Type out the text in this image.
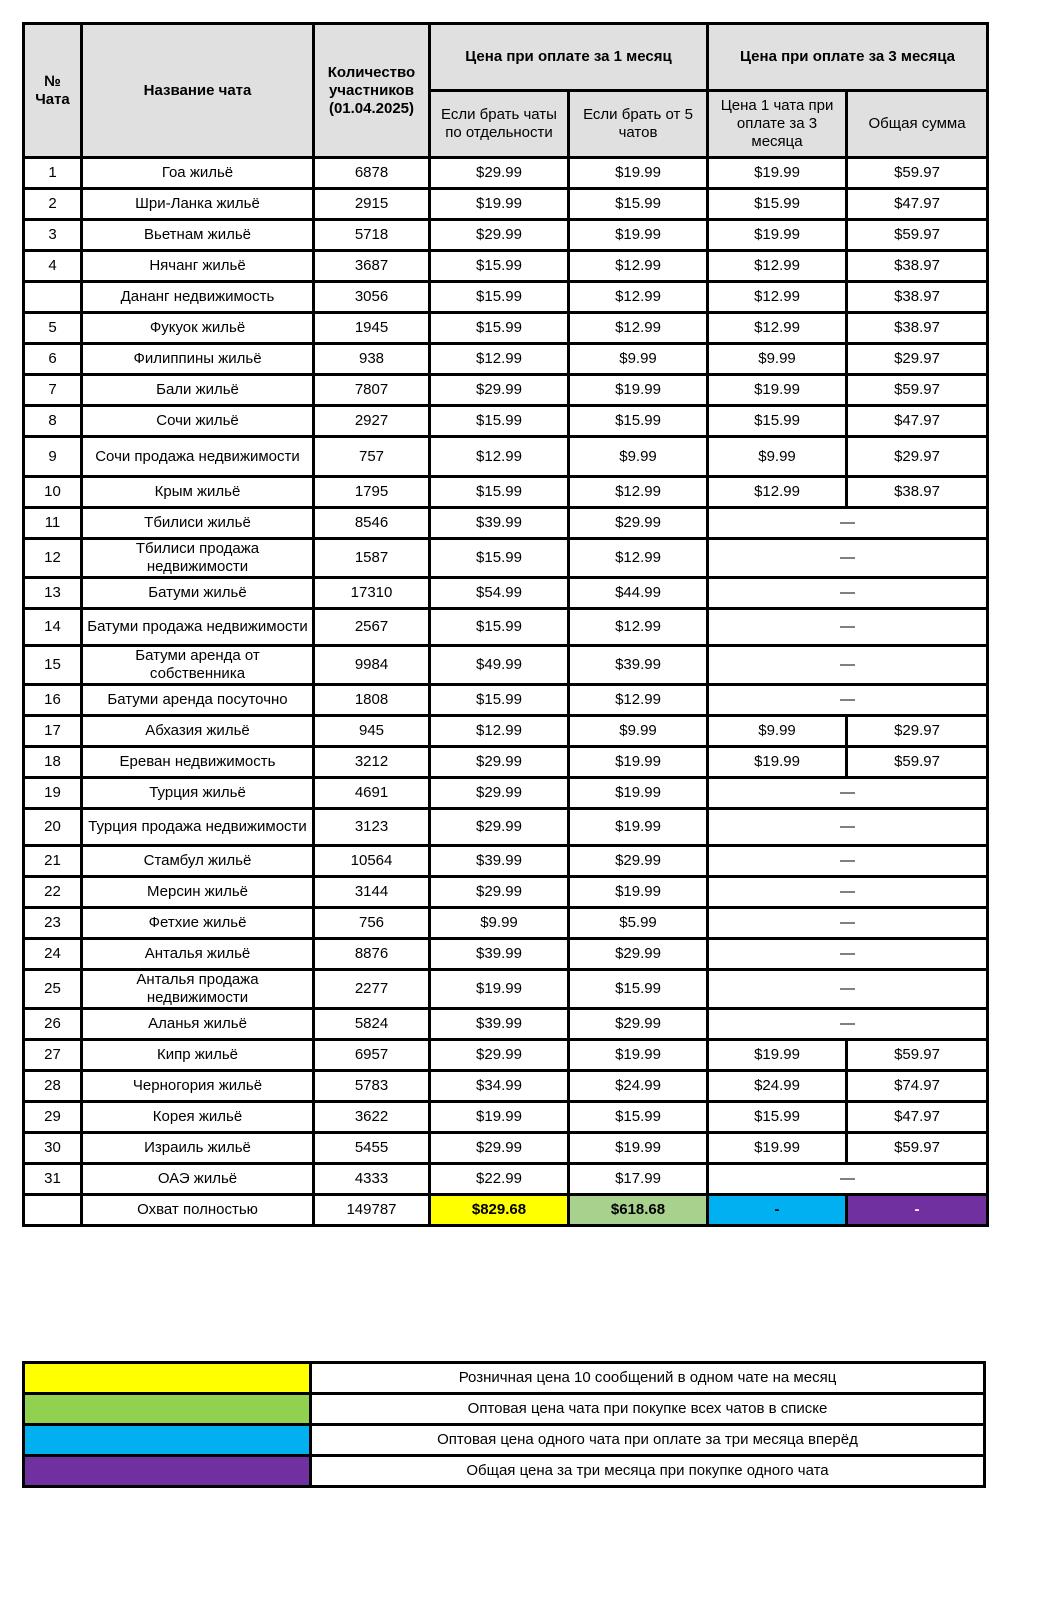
№ Чата	Название чата	Количество участников (01.04.2025)	Цена при оплате за 1 месяц		Цена при оплате за 3 месяца	
			Если брать чаты по отдельности	Если брать от 5 чатов	Цена 1 чата при оплате за 3 месяца	Общая сумма
1	Гоа жильё	6878	$29.99	$19.99	$19.99	$59.97
2	Шри-Ланка жильё	2915	$19.99	$15.99	$15.99	$47.97
3	Вьетнам жильё	5718	$29.99	$19.99	$19.99	$59.97
4	Нячанг жильё	3687	$15.99	$12.99	$12.99	$38.97
	Дананг недвижимость	3056	$15.99	$12.99	$12.99	$38.97
5	Фукуок жильё	1945	$15.99	$12.99	$12.99	$38.97
6	Филиппины жильё	938	$12.99	$9.99	$9.99	$29.97
7	Бали жильё	7807	$29.99	$19.99	$19.99	$59.97
8	Сочи жильё	2927	$15.99	$15.99	$15.99	$47.97
9	Сочи продажа недвижимости	757	$12.99	$9.99	$9.99	$29.97
10	Крым жильё	1795	$15.99	$12.99	$12.99	$38.97
11	Тбилиси жильё	8546	$39.99	$29.99	—	
12	Тбилиси продажа недвижимости	1587	$15.99	$12.99	—	
13	Батуми жильё	17310	$54.99	$44.99	—	
14	Батуми продажа недвижимости	2567	$15.99	$12.99	—	
15	Батуми аренда от собственника	9984	$49.99	$39.99	—	
16	Батуми аренда посуточно	1808	$15.99	$12.99	—	
17	Абхазия жильё	945	$12.99	$9.99	$9.99	$29.97
18	Ереван недвижимость	3212	$29.99	$19.99	$19.99	$59.97
19	Турция жильё	4691	$29.99	$19.99	—	
20	Турция продажа недвижимости	3123	$29.99	$19.99	—	
21	Стамбул жильё	10564	$39.99	$29.99	—	
22	Мерсин жильё	3144	$29.99	$19.99	—	
23	Фетхие жильё	756	$9.99	$5.99	—	
24	Анталья жильё	8876	$39.99	$29.99	—	
25	Анталья продажа недвижимости	2277	$19.99	$15.99	—	
26	Аланья жильё	5824	$39.99	$29.99	—	
27	Кипр жильё	6957	$29.99	$19.99	$19.99	$59.97
28	Черногория жильё	5783	$34.99	$24.99	$24.99	$74.97
29	Корея жильё	3622	$19.99	$15.99	$15.99	$47.97
30	Израиль жильё	5455	$29.99	$19.99	$19.99	$59.97
31	ОАЭ жильё	4333	$22.99	$17.99	—	
	Охват полностью	149787	$829.68	$618.68	-	-
	Розничная цена 10 сообщений в одном чате на месяц
	Оптовая цена чата при покупке всех чатов в списке
	Оптовая цена одного чата при оплате за три месяца вперёд
	Общая цена за три месяца при покупке одного чата
